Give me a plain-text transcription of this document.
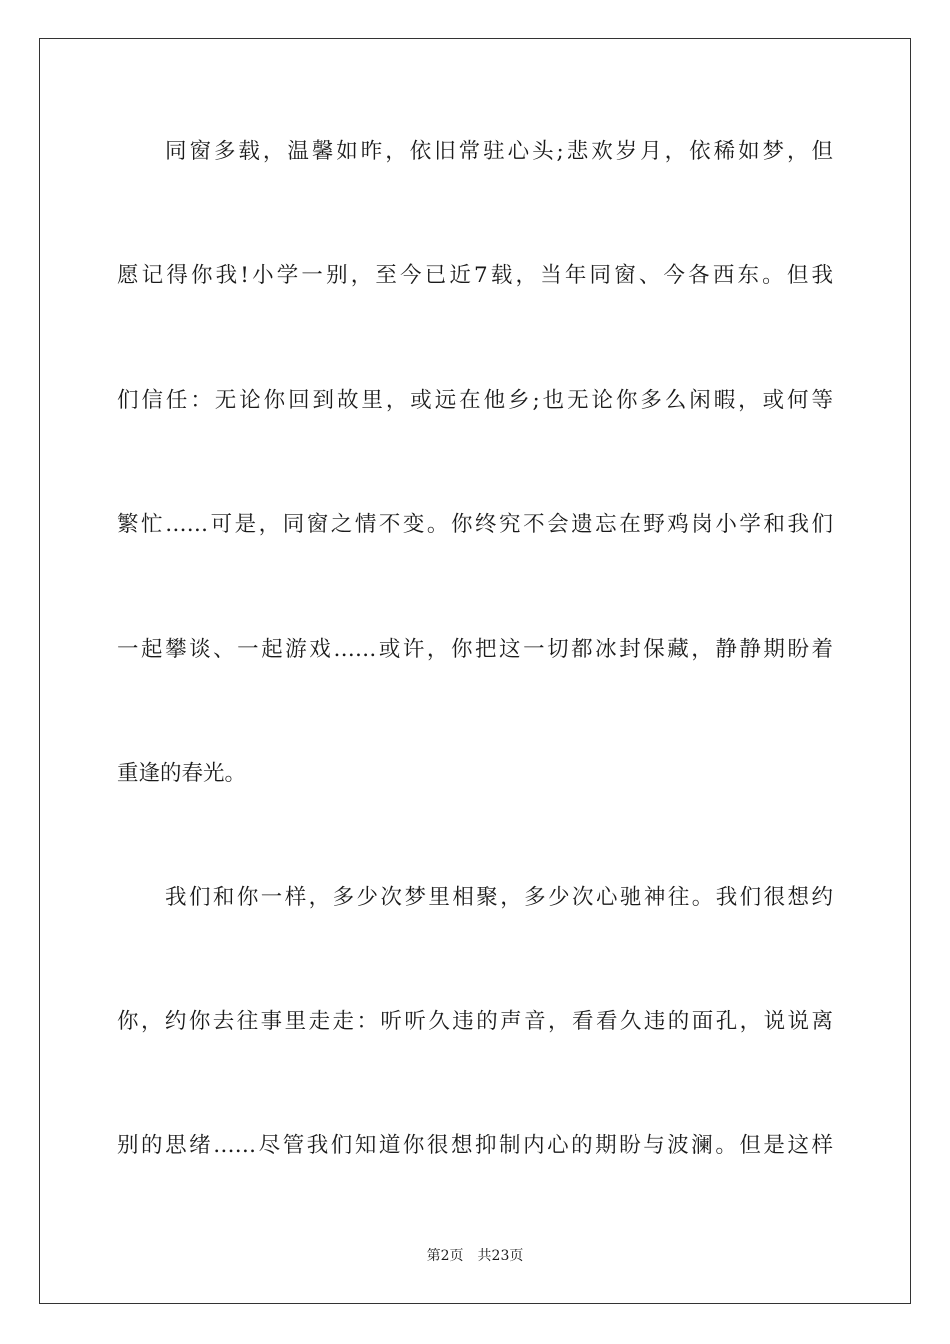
同窗多载，温馨如昨，依旧常驻心头;悲欢岁月，依稀如梦，但
愿记得你我!小学一别，至今已近7载，当年同窗、今各西东。但我
们信任：无论你回到故里，或远在他乡;也无论你多么闲暇，或何等
繁忙……可是，同窗之情不变。你终究不会遗忘在野鸡岗小学和我们
一起攀谈、一起游戏……或许，你把这一切都冰封保藏，静静期盼着
重逢的春光。
我们和你一样，多少次梦里相聚，多少次心驰神往。我们很想约
你，约你去往事里走走：听听久违的声音，看看久违的面孔，说说离
别的思绪……尽管我们知道你很想抑制内心的期盼与波澜。但是这样
第2页 共23页
